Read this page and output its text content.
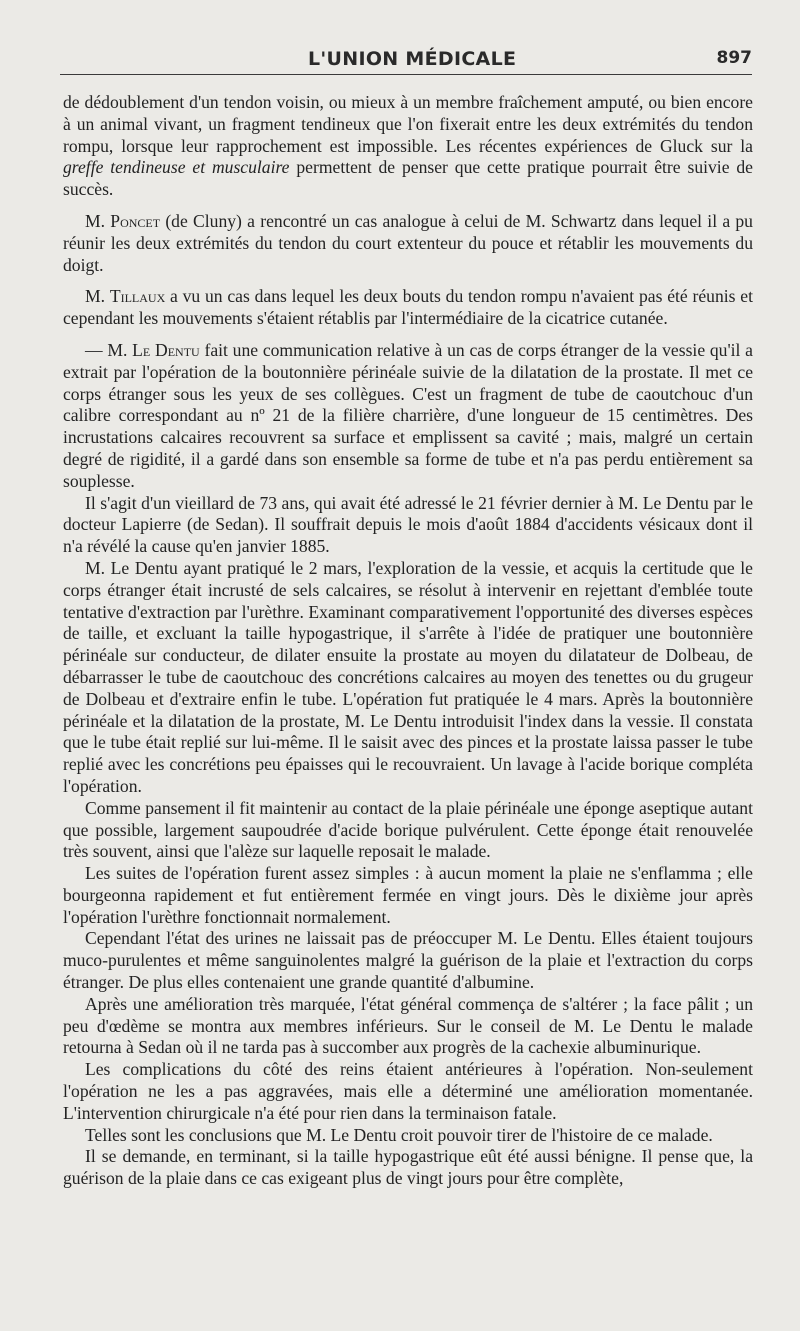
L'UNION MÉDICALE	897

de dédoublement d'un tendon voisin, ou mieux à un membre fraîchement amputé, ou bien encore à un animal vivant, un fragment tendineux que l'on fixerait entre les deux extrémités du tendon rompu, lorsque leur rapprochement est impossible. Les récentes expériences de Gluck sur la greffe tendineuse et musculaire permettent de penser que cette pratique pourrait être suivie de succès.

M. Poncet (de Cluny) a rencontré un cas analogue à celui de M. Schwartz dans lequel il a pu réunir les deux extrémités du tendon du court extenteur du pouce et rétablir les mouvements du doigt.

M. Tillaux a vu un cas dans lequel les deux bouts du tendon rompu n'avaient pas été réunis et cependant les mouvements s'étaient rétablis par l'intermédiaire de la cicatrice cutanée.

— M. Le Dentu fait une communication relative à un cas de corps étranger de la vessie qu'il a extrait par l'opération de la boutonnière périnéale suivie de la dilatation de la prostate. Il met ce corps étranger sous les yeux de ses collègues. C'est un fragment de tube de caoutchouc d'un calibre correspondant au nº 21 de la filière charrière, d'une longueur de 15 centimètres. Des incrustations calcaires recouvrent sa surface et emplissent sa cavité ; mais, malgré un certain degré de rigidité, il a gardé dans son ensemble sa forme de tube et n'a pas perdu entièrement sa souplesse.

Il s'agit d'un vieillard de 73 ans, qui avait été adressé le 21 février dernier à M. Le Dentu par le docteur Lapierre (de Sedan). Il souffrait depuis le mois d'août 1884 d'accidents vésicaux dont il n'a révélé la cause qu'en janvier 1885.

M. Le Dentu ayant pratiqué le 2 mars, l'exploration de la vessie, et acquis la certitude que le corps étranger était incrusté de sels calcaires, se résolut à intervenir en rejettant d'emblée toute tentative d'extraction par l'urèthre. Examinant comparativement l'opportunité des diverses espèces de taille, et excluant la taille hypogastrique, il s'arrête à l'idée de pratiquer une boutonnière périnéale sur conducteur, de dilater ensuite la prostate au moyen du dilatateur de Dolbeau, de débarrasser le tube de caoutchouc des concrétions calcaires au moyen des tenettes ou du grugeur de Dolbeau et d'extraire enfin le tube. L'opération fut pratiquée le 4 mars. Après la boutonnière périnéale et la dilatation de la prostate, M. Le Dentu introduisit l'index dans la vessie. Il constata que le tube était replié sur lui-même. Il le saisit avec des pinces et la prostate laissa passer le tube replié avec les concrétions peu épaisses qui le recouvraient. Un lavage à l'acide borique compléta l'opération.

Comme pansement il fit maintenir au contact de la plaie périnéale une éponge aseptique autant que possible, largement saupoudrée d'acide borique pulvérulent. Cette éponge était renouvelée très souvent, ainsi que l'alèze sur laquelle reposait le malade.

Les suites de l'opération furent assez simples : à aucun moment la plaie ne s'enflamma ; elle bourgeonna rapidement et fut entièrement fermée en vingt jours. Dès le dixième jour après l'opération l'urèthre fonctionnait normalement.

Cependant l'état des urines ne laissait pas de préoccuper M. Le Dentu. Elles étaient toujours muco-purulentes et même sanguinolentes malgré la guérison de la plaie et l'extraction du corps étranger. De plus elles contenaient une grande quantité d'albumine.

Après une amélioration très marquée, l'état général commença de s'altérer ; la face pâlit ; un peu d'œdème se montra aux membres inférieurs. Sur le conseil de M. Le Dentu le malade retourna à Sedan où il ne tarda pas à succomber aux progrès de la cachexie albuminurique.

Les complications du côté des reins étaient antérieures à l'opération. Non-seulement l'opération ne les a pas aggravées, mais elle a déterminé une amélioration momentanée. L'intervention chirurgicale n'a été pour rien dans la terminaison fatale.

Telles sont les conclusions que M. Le Dentu croit pouvoir tirer de l'histoire de ce malade.

Il se demande, en terminant, si la taille hypogastrique eût été aussi bénigne. Il pense que, la guérison de la plaie dans ce cas exigeant plus de vingt jours pour être complète,
